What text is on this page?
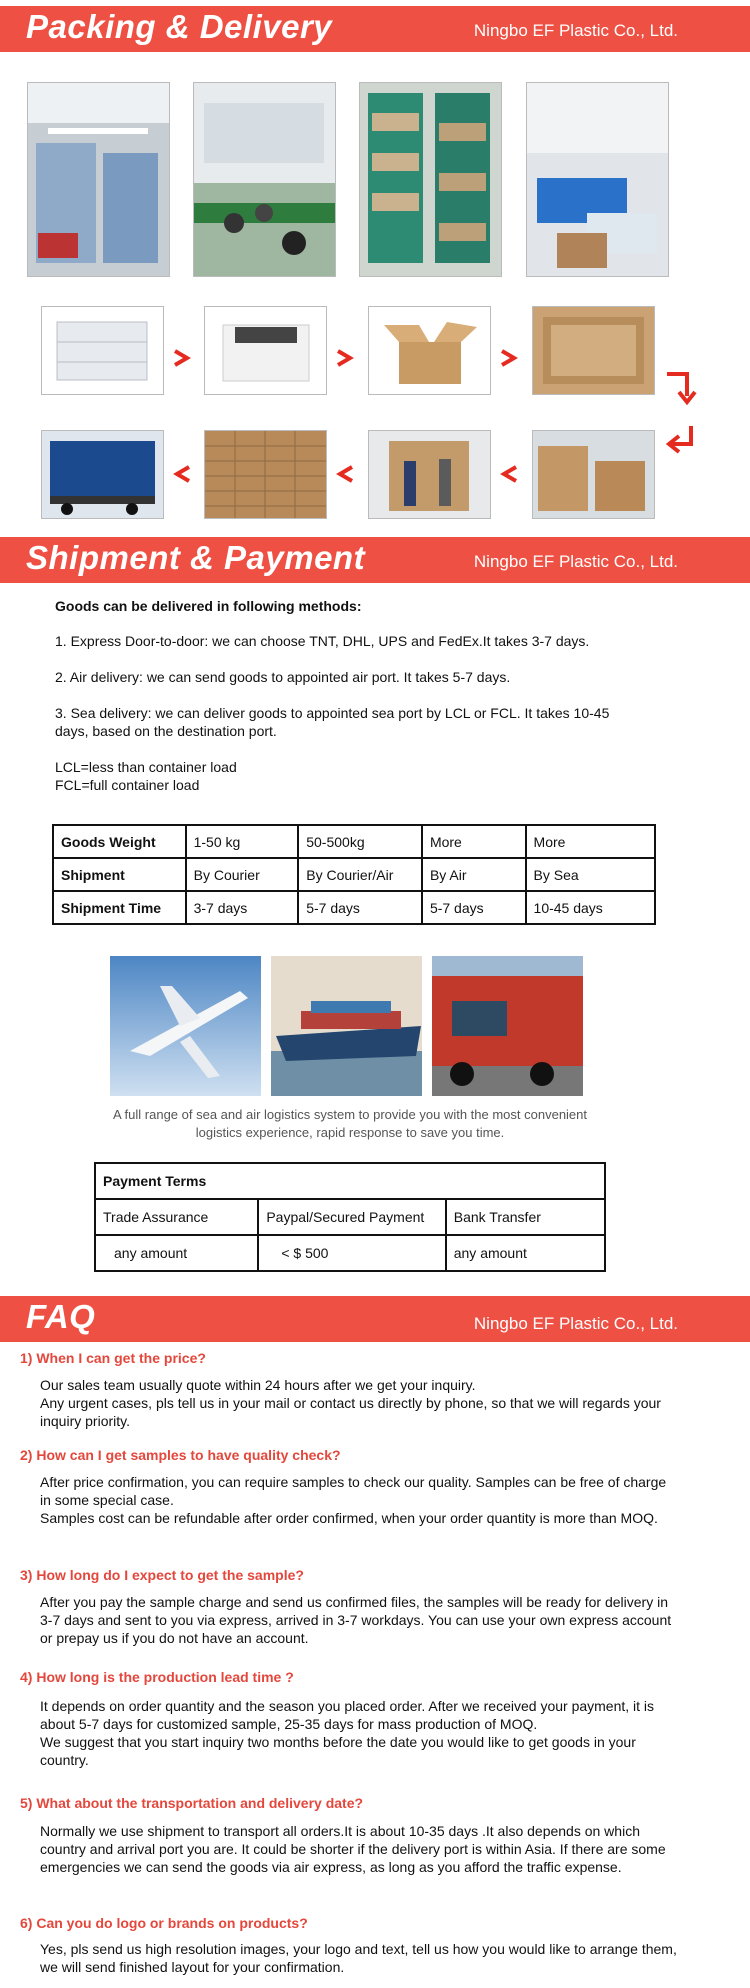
Packing & Delivery	Ningbo EF Plastic Co., Ltd.
Shipment & Payment	Ningbo EF Plastic Co., Ltd.
Goods can be delivered in following methods:
1. Express Door-to-door: we can choose TNT, DHL, UPS and FedEx.It takes 3-7 days.
2. Air delivery: we can send goods to appointed air port. It takes 5-7 days.
3. Sea delivery: we can deliver goods to appointed sea port by LCL or FCL. It takes 10-45 days, based on the destination port.
LCL=less than container load
FCL=full container load
Goods Weight	1-50 kg	50-500kg	More	More
Shipment	By Courier	By Courier/Air	By Air	By Sea
Shipment Time	3-7 days	5-7 days	5-7 days	10-45 days
A full range of sea and air logistics system to provide you with the most convenient logistics experience, rapid response to save you time.
Payment Terms		
Trade Assurance	Paypal/Secured Payment	Bank Transfer
any amount	< $ 500	any amount
FAQ	Ningbo EF Plastic Co., Ltd.
1) When I can get the price?
Our sales team usually quote within 24 hours after we get your inquiry.
Any urgent cases, pls tell us in your mail or contact us directly by phone, so that we will regards your inquiry priority.
2) How can I get samples to have quality check?
After price confirmation, you can require samples to check our quality. Samples can be free of charge in some special case.
Samples cost can be refundable after order confirmed, when your order quantity is more than MOQ.
3) How long do I expect to get the sample?
After you pay the sample charge and send us confirmed files, the samples will be ready for delivery in 3-7 days and sent to you via express, arrived in 3-7 workdays. You can use your own express account or prepay us if you do not have an account.
4) How long is the production lead time ?
It depends on order quantity and the season you placed order. After we received your payment, it is about 5-7 days for customized sample, 25-35 days for mass production of MOQ.
We suggest that you start inquiry two months before the date you would like to get goods in your country.
5) What about the transportation and delivery date?
Normally we use shipment to transport all orders.It is about 10-35 days .It also depends on which country and arrival port you are. It could be shorter if the delivery port is within Asia. If there are some emergencies we can send the goods via air express, as long as you afford the traffic expense.
6) Can you do logo or brands on products?
Yes, pls send us high resolution images, your logo and text, tell us how you would like to arrange them, we will send finished layout for your confirmation.
